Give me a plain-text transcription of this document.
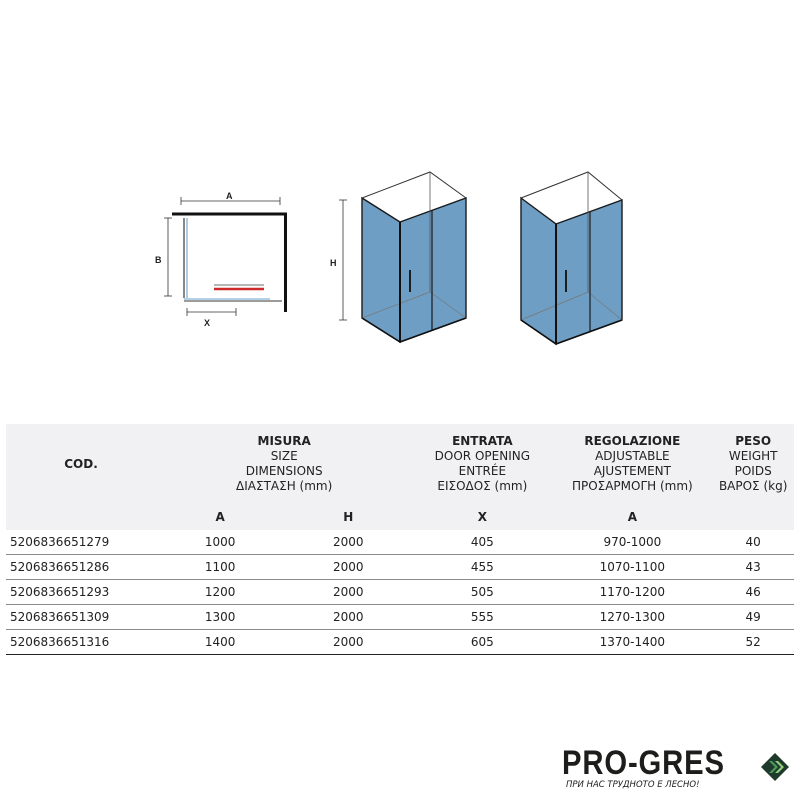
A
B
X
H
COD.	MISURA
SIZE
DIMENSIONS
ΔΙΑΣΤΑΣΗ (mm)		ENTRATA
DOOR OPENING
ENTRÉE
ΕΙΣΟΔΟΣ (mm)	REGOLAZIONE
ADJUSTABLE
AJUSTEMENT
ΠΡΟΣΑΡΜΟΓΗ (mm)	PESO
WEIGHT
POIDS
ΒΑΡΟΣ (kg)

	A	H	X	A	
5206836651279	1000	2000	405	970-1000	40
5206836651286	1100	2000	455	1070-1100	43
5206836651293	1200	2000	505	1170-1200	46
5206836651309	1300	2000	555	1270-1300	49
5206836651316	1400	2000	605	1370-1400	52
PRO-GRES
ПРИ НАС ТРУДНОТО Е ЛЕСНО!
